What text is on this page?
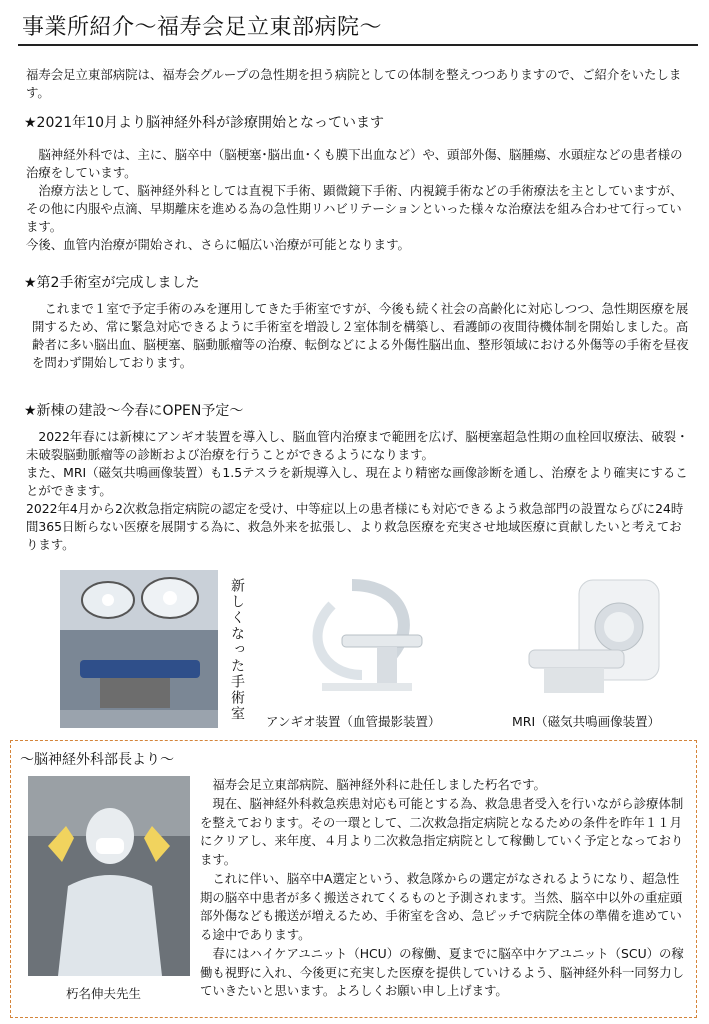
事業所紹介～福寿会足立東部病院～

福寿会足立東部病院は、福寿会グループの急性期を担う病院としての体制を整えつつありますので、ご紹介をいたします。

★2021年10月より脳神経外科が診療開始となっています

脳神経外科では、主に、脳卒中（脳梗塞･脳出血･くも膜下出血など）や、頭部外傷、脳腫瘍、水頭症などの患者様の治療をしています。

治療方法として、脳神経外科としては直視下手術、顕微鏡下手術、内視鏡手術などの手術療法を主としていますが、その他に内服や点滴、早期離床を進める為の急性期リハビリテーションといった様々な治療法を組み合わせて行っています。

今後、血管内治療が開始され、さらに幅広い治療が可能となります。

★第2手術室が完成しました

これまで１室で予定手術のみを運用してきた手術室ですが、今後も続く社会の高齢化に対応しつつ、急性期医療を展開するため、常に緊急対応できるように手術室を増設し２室体制を構築し、看護師の夜間待機体制を開始しました。高齢者に多い脳出血、脳梗塞、脳動脈瘤等の治療、転倒などによる外傷性脳出血、整形領域における外傷等の手術を昼夜を問わず開始しております。

★新棟の建設～今春にOPEN予定～

2022年春には新棟にアンギオ装置を導入し、脳血管内治療まで範囲を広げ、脳梗塞超急性期の血栓回収療法、破裂・未破裂脳動脈瘤等の診断および治療を行うことができるようになります。

また、MRI（磁気共鳴画像装置）も1.5テスラを新規導入し、現在より精密な画像診断を通し、治療をより確実にすることができます。

2022年4月から2次救急指定病院の認定を受け、中等症以上の患者様にも対応できるよう救急部門の設置ならびに24時間365日断らない医療を展開する為に、救急外来を拡張し、より救急医療を充実させ地域医療に貢献したいと考えております。

新しくなった手術室 アンギオ装置（血管撮影装置）	MRI（磁気共鳴画像装置）
～脳神経外科部長より～
朽名伸夫先生

福寿会足立東部病院、脳神経外科に赴任しました朽名です。

現在、脳神経外科救急疾患対応も可能とする為、救急患者受入を行いながら診療体制を整えております。その一環として、二次救急指定病院となるための条件を昨年１１月にクリアし、来年度、４月より二次救急指定病院として稼働していく予定となっております。

これに伴い、脳卒中A選定という、救急隊からの選定がなされるようになり、超急性期の脳卒中患者が多く搬送されてくるものと予測されます。当然、脳卒中以外の重症頭部外傷なども搬送が増えるため、手術室を含め、急ピッチで病院全体の準備を進めている途中であります。

春にはハイケアユニット（HCU）の稼働、夏までに脳卒中ケアユニット（SCU）の稼働も視野に入れ、今後更に充実した医療を提供していけるよう、脳神経外科一同努力していきたいと思います。よろしくお願い申し上げます。
